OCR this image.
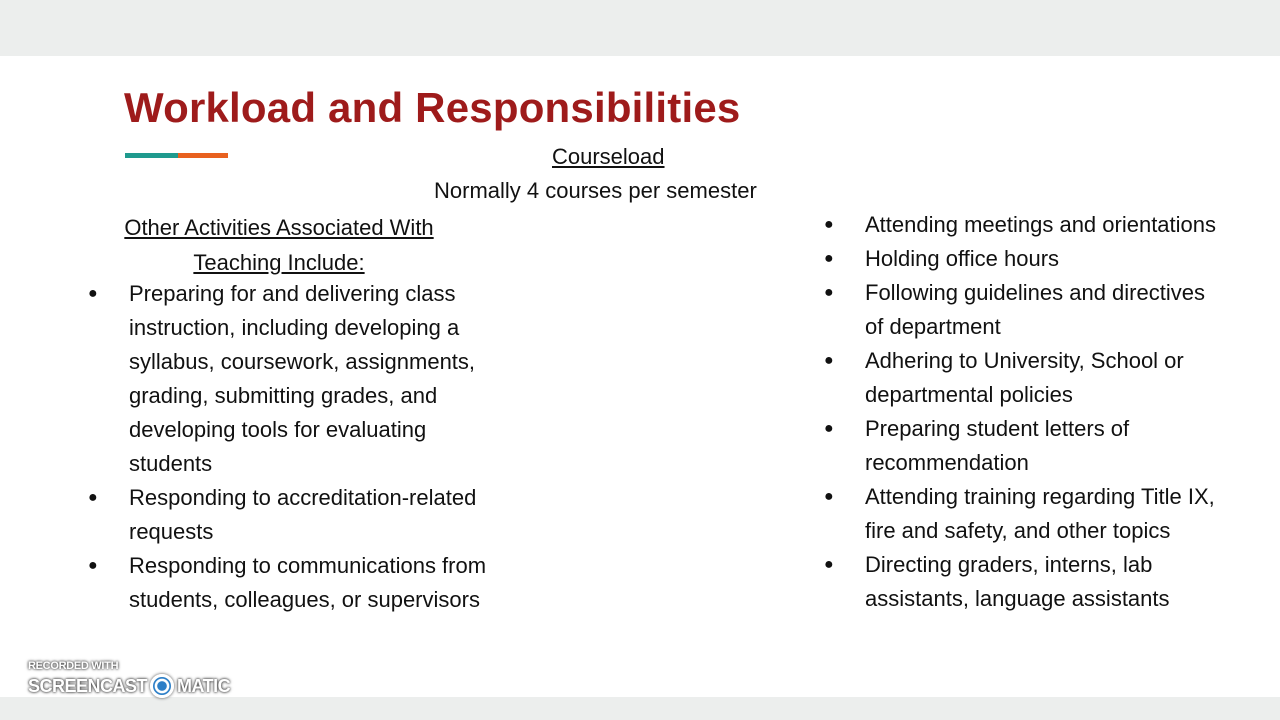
Workload and Responsibilities
Courseload
Normally 4 courses per semester
Other Activities Associated With Teaching Include:
● Preparing for and delivering class instruction, including developing a syllabus, coursework, assignments, grading, submitting grades, and developing tools for evaluating students
● Responding to accreditation-related requests
● Responding to communications from students, colleagues, or supervisors
● Attending meetings and orientations
● Holding office hours
● Following guidelines and directives of department
● Adhering to University, School or departmental policies
● Preparing student letters of recommendation
● Attending training regarding Title IX, fire and safety, and other topics
● Directing graders, interns, lab assistants, language assistants
RECORDED WITH
SCREENCAST MATIC
